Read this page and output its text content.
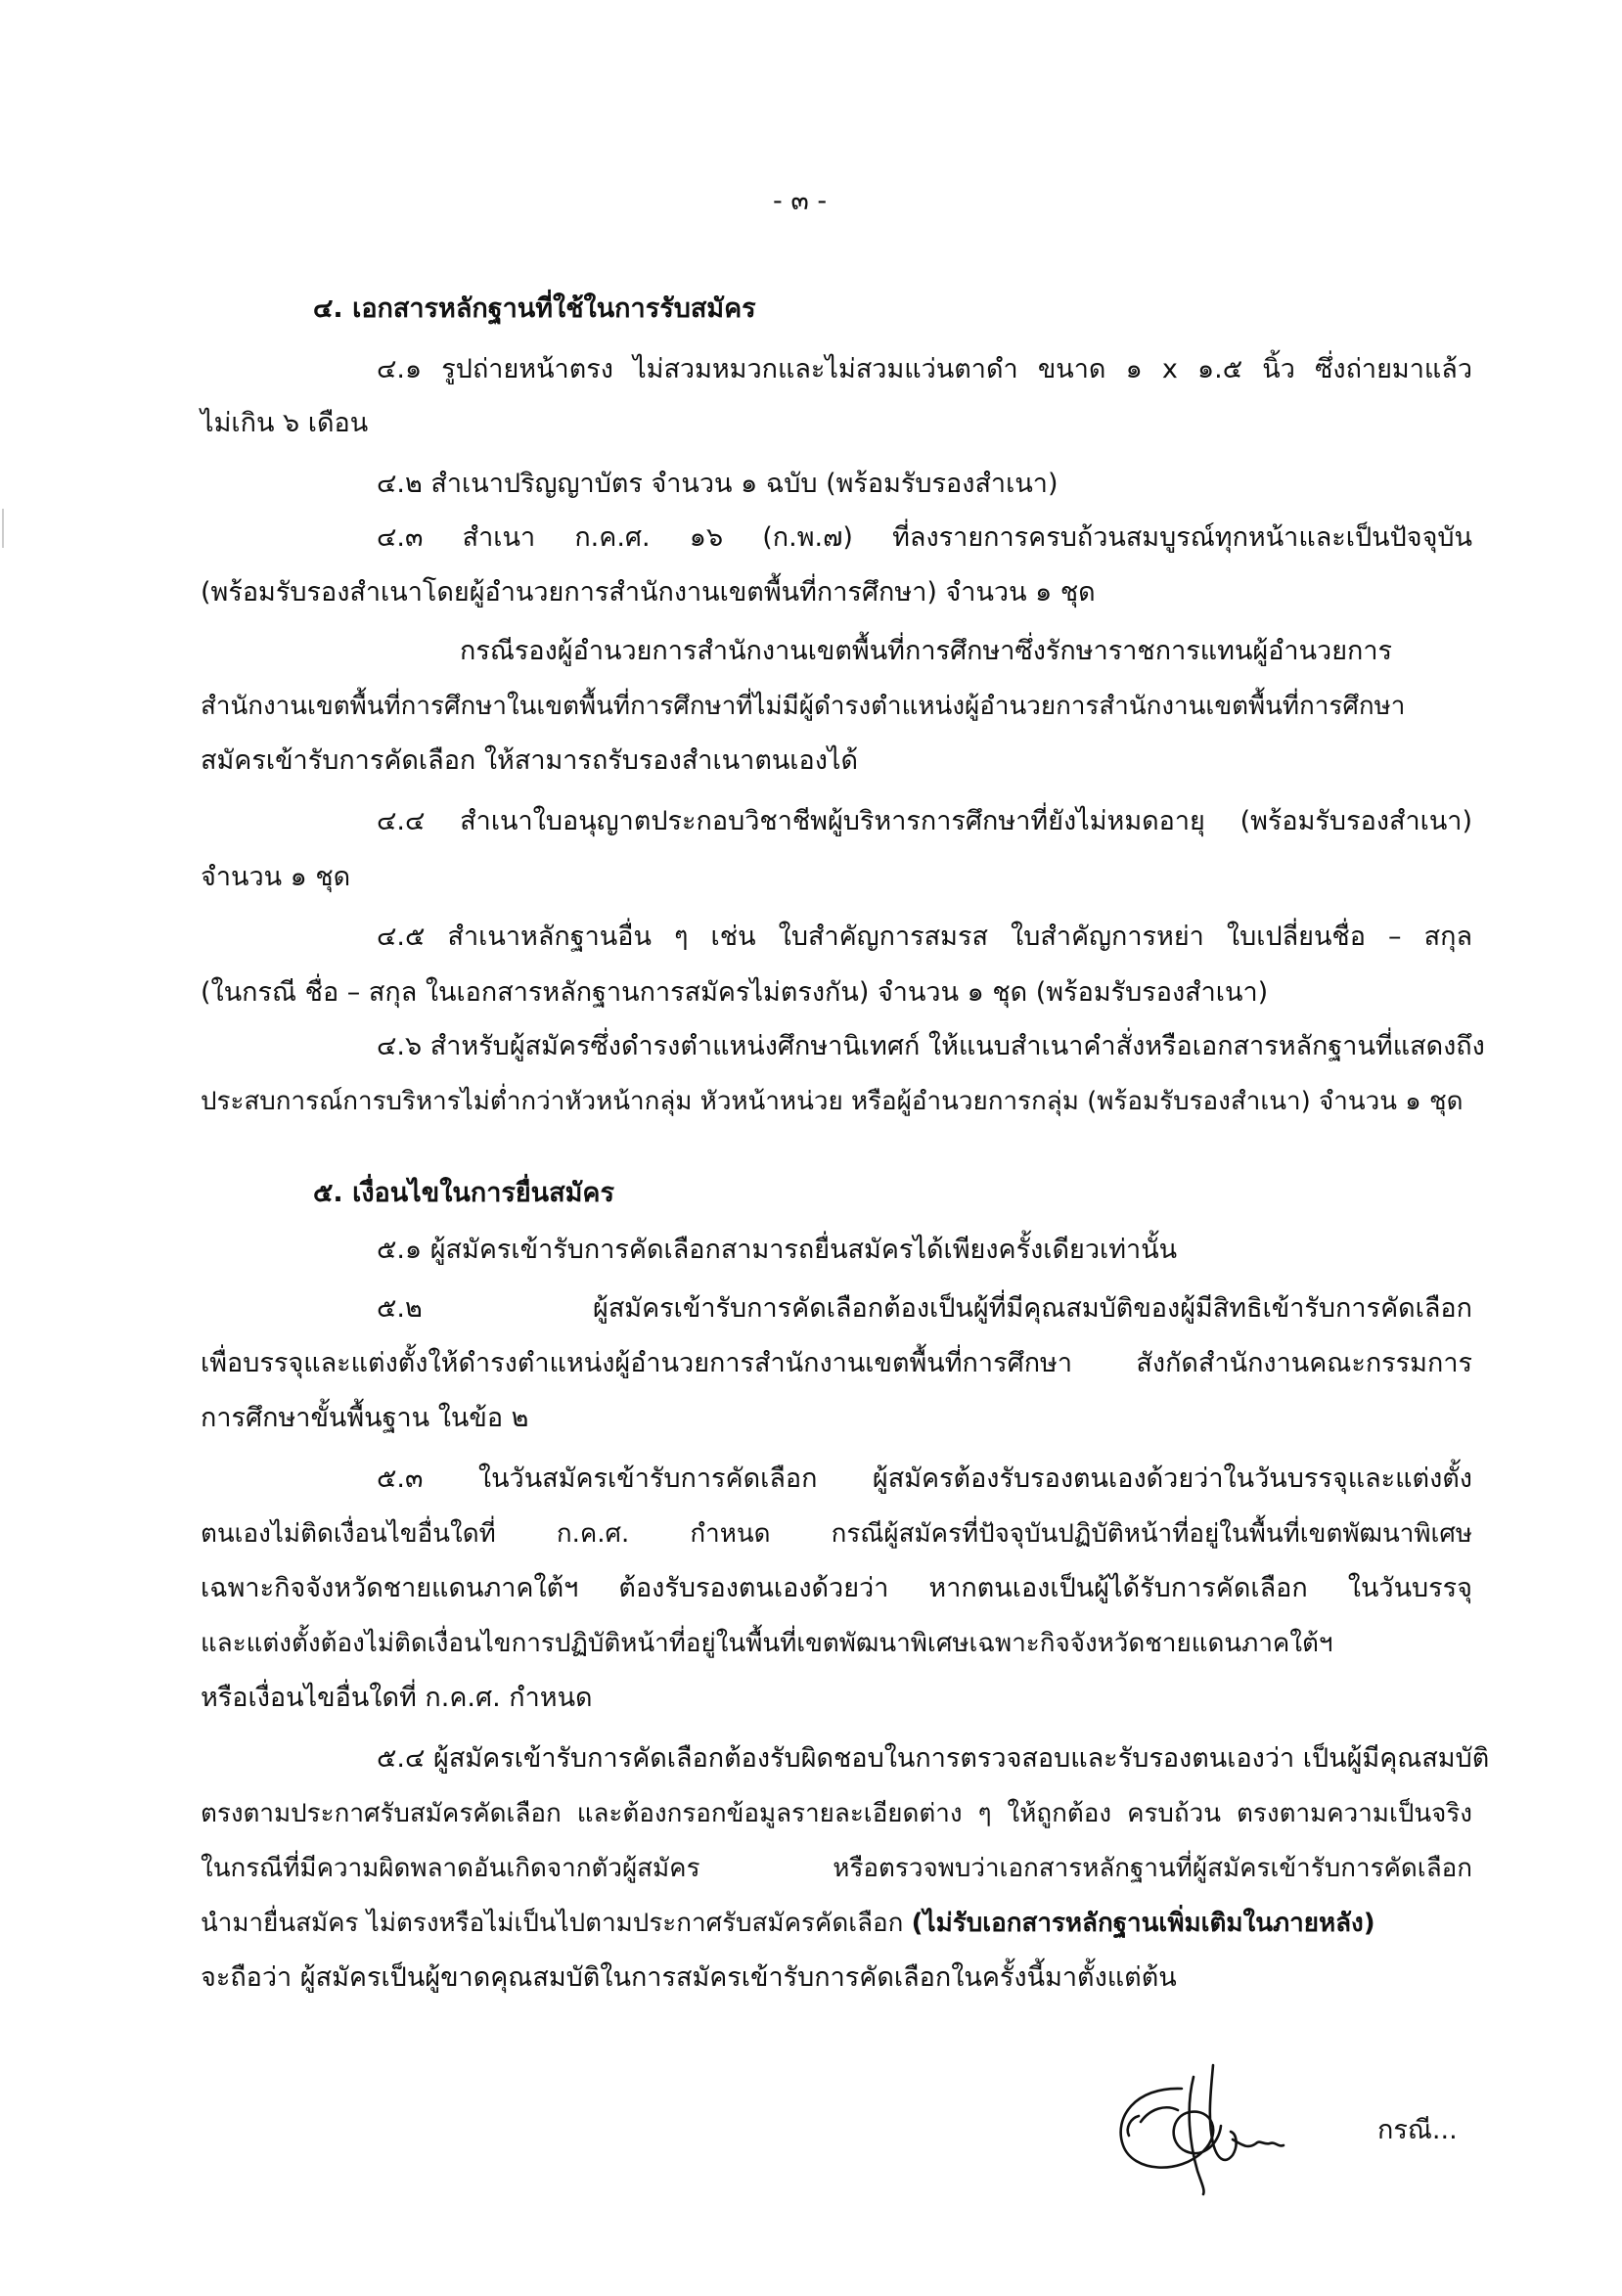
- ๓ -
๔. เอกสารหลักฐานที่ใช้ในการรับสมัคร
๔.๑ รูปถ่ายหน้าตรง ไม่สวมหมวกและไม่สวมแว่นตาดำ ขนาด ๑ x ๑.๕ นิ้ว ซึ่งถ่ายมาแล้ว
ไม่เกิน ๖ เดือน
๔.๒ สำเนาปริญญาบัตร จำนวน ๑ ฉบับ (พร้อมรับรองสำเนา)
๔.๓ สำเนา ก.ค.ศ. ๑๖ (ก.พ.๗) ที่ลงรายการครบถ้วนสมบูรณ์ทุกหน้าและเป็นปัจจุบัน
(พร้อมรับรองสำเนาโดยผู้อำนวยการสำนักงานเขตพื้นที่การศึกษา) จำนวน ๑ ชุด
กรณีรองผู้อำนวยการสำนักงานเขตพื้นที่การศึกษาซึ่งรักษาราชการแทนผู้อำนวยการ
สำนักงานเขตพื้นที่การศึกษาในเขตพื้นที่การศึกษาที่ไม่มีผู้ดำรงตำแหน่งผู้อำนวยการสำนักงานเขตพื้นที่การศึกษา
สมัครเข้ารับการคัดเลือก ให้สามารถรับรองสำเนาตนเองได้
๔.๔ สำเนาใบอนุญาตประกอบวิชาชีพผู้บริหารการศึกษาที่ยังไม่หมดอายุ (พร้อมรับรองสำเนา)
จำนวน ๑ ชุด
๔.๕ สำเนาหลักฐานอื่น ๆ เช่น ใบสำคัญการสมรส ใบสำคัญการหย่า ใบเปลี่ยนชื่อ – สกุล
(ในกรณี ชื่อ – สกุล ในเอกสารหลักฐานการสมัครไม่ตรงกัน) จำนวน ๑ ชุด (พร้อมรับรองสำเนา)
๔.๖ สำหรับผู้สมัครซึ่งดำรงตำแหน่งศึกษานิเทศก์ ให้แนบสำเนาคำสั่งหรือเอกสารหลักฐานที่แสดงถึง
ประสบการณ์การบริหารไม่ต่ำกว่าหัวหน้ากลุ่ม หัวหน้าหน่วย หรือผู้อำนวยการกลุ่ม (พร้อมรับรองสำเนา) จำนวน ๑ ชุด
๕. เงื่อนไขในการยื่นสมัคร
๕.๑ ผู้สมัครเข้ารับการคัดเลือกสามารถยื่นสมัครได้เพียงครั้งเดียวเท่านั้น
๕.๒ ผู้สมัครเข้ารับการคัดเลือกต้องเป็นผู้ที่มีคุณสมบัติของผู้มีสิทธิเข้ารับการคัดเลือก
เพื่อบรรจุและแต่งตั้งให้ดำรงตำแหน่งผู้อำนวยการสำนักงานเขตพื้นที่การศึกษา สังกัดสำนักงานคณะกรรมการ
การศึกษาขั้นพื้นฐาน ในข้อ ๒
๕.๓ ในวันสมัครเข้ารับการคัดเลือก ผู้สมัครต้องรับรองตนเองด้วยว่าในวันบรรจุและแต่งตั้ง
ตนเองไม่ติดเงื่อนไขอื่นใดที่ ก.ค.ศ. กำหนด กรณีผู้สมัครที่ปัจจุบันปฏิบัติหน้าที่อยู่ในพื้นที่เขตพัฒนาพิเศษ
เฉพาะกิจจังหวัดชายแดนภาคใต้ฯ ต้องรับรองตนเองด้วยว่า หากตนเองเป็นผู้ได้รับการคัดเลือก ในวันบรรจุ
และแต่งตั้งต้องไม่ติดเงื่อนไขการปฏิบัติหน้าที่อยู่ในพื้นที่เขตพัฒนาพิเศษเฉพาะกิจจังหวัดชายแดนภาคใต้ฯ
หรือเงื่อนไขอื่นใดที่ ก.ค.ศ. กำหนด
๕.๔ ผู้สมัครเข้ารับการคัดเลือกต้องรับผิดชอบในการตรวจสอบและรับรองตนเองว่า เป็นผู้มีคุณสมบัติ
ตรงตามประกาศรับสมัครคัดเลือก และต้องกรอกข้อมูลรายละเอียดต่าง ๆ ให้ถูกต้อง ครบถ้วน ตรงตามความเป็นจริง
ในกรณีที่มีความผิดพลาดอันเกิดจากตัวผู้สมัคร หรือตรวจพบว่าเอกสารหลักฐานที่ผู้สมัครเข้ารับการคัดเลือก
นำมายื่นสมัคร ไม่ตรงหรือไม่เป็นไปตามประกาศรับสมัครคัดเลือก (ไม่รับเอกสารหลักฐานเพิ่มเติมในภายหลัง)
จะถือว่า ผู้สมัครเป็นผู้ขาดคุณสมบัติในการสมัครเข้ารับการคัดเลือกในครั้งนี้มาตั้งแต่ต้น
กรณี...
